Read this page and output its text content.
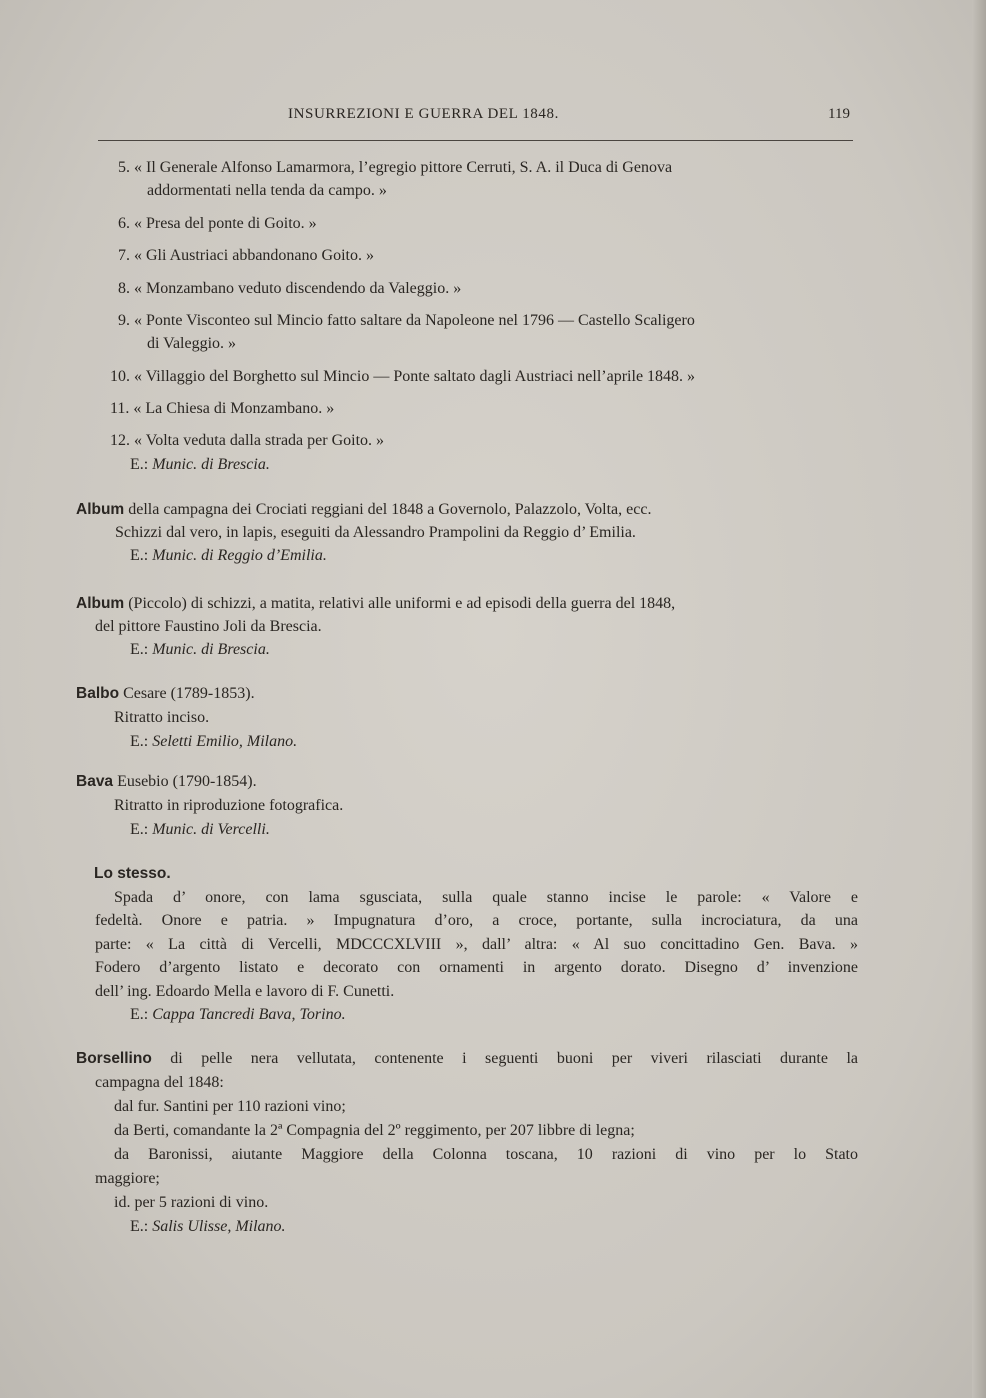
INSURREZIONI E GUERRA DEL 1848.	119
5. « Il Generale Alfonso Lamarmora, l’egregio pittore Cerruti, S. A. il Duca di Genova
addormentati nella tenda da campo. »
6. « Presa del ponte di Goito. »
7. « Gli Austriaci abbandonano Goito. »
8. « Monzambano veduto discendendo da Valeggio. »
9. « Ponte Visconteo sul Mincio fatto saltare da Napoleone nel 1796 — Castello Scaligero
di Valeggio. »
10. « Villaggio del Borghetto sul Mincio — Ponte saltato dagli Austriaci nell’aprile 1848. »
11. « La Chiesa di Monzambano. »
12. « Volta veduta dalla strada per Goito. »
E.: Munic. di Brescia.
Album della campagna dei Crociati reggiani del 1848 a Governolo, Palazzolo, Volta, ecc.
Schizzi dal vero, in lapis, eseguiti da Alessandro Prampolini da Reggio d’ Emilia.
E.: Munic. di Reggio d’Emilia.
Album (Piccolo) di schizzi, a matita, relativi alle uniformi e ad episodi della guerra del 1848,
del pittore Faustino Joli da Brescia.
E.: Munic. di Brescia.
Balbo Cesare (1789-1853).
Ritratto inciso.
E.: Seletti Emilio, Milano.
Bava Eusebio (1790-1854).
Ritratto in riproduzione fotografica.
E.: Munic. di Vercelli.
Lo stesso.
Spada d’ onore, con lama sgusciata, sulla quale stanno incise le parole: « Valore e
fedeltà. Onore e patria. » Impugnatura d’oro, a croce, portante, sulla incrociatura, da una
parte: « La città di Vercelli, MDCCCXLVIII », dall’ altra: « Al suo concittadino Gen. Bava. »
Fodero d’argento listato e decorato con ornamenti in argento dorato. Disegno d’ invenzione
dell’ ing. Edoardo Mella e lavoro di F. Cunetti.
E.: Cappa Tancredi Bava, Torino.
Borsellino di pelle nera vellutata, contenente i seguenti buoni per viveri rilasciati durante la
campagna del 1848:
dal fur. Santini per 110 razioni vino;
da Berti, comandante la 2ª Compagnia del 2º reggimento, per 207 libbre di legna;
da Baronissi, aiutante Maggiore della Colonna toscana, 10 razioni di vino per lo Stato
maggiore;
id. per 5 razioni di vino.
E.: Salis Ulisse, Milano.
